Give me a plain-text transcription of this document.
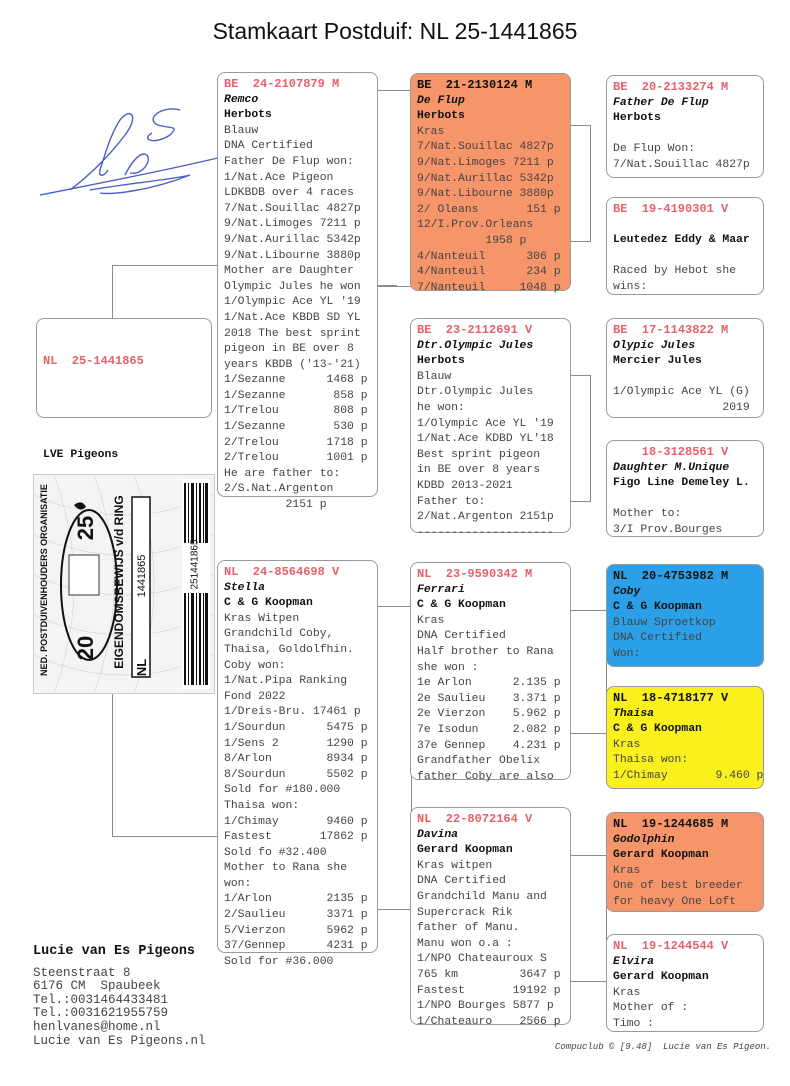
Stamkaart Postduif: NL 25-1441865

NL  25-1441865

LVE Pigeons

BE  24-2107879 M
Remco
Herbots
Blauw
DNA Certified
Father De Flup won:
1/Nat.Ace Pigeon
LDKBDB over 4 races
7/Nat.Souillac 4827p
9/Nat.Limoges 7211 p
9/Nat.Aurillac 5342p
9/Nat.Libourne 3880p
Mother are Daughter
Olympic Jules he won
1/Olympic Ace YL '19
1/Nat.Ace KBDB SD YL
2018 The best sprint
pigeon in BE over 8
years KBDB ('13-'21)
1/Sezanne      1468 p
1/Sezanne       858 p
1/Trelou        808 p
1/Sezanne       530 p
2/Trelou       1718 p
2/Trelou       1001 p
He are father to:
2/S.Nat.Argenton
2151 p
NL  24-8564698 V
Stella
C & G Koopman
Kras Witpen
Grandchild Coby,
Thaisa, Goldolfhin.
Coby won:
1/Nat.Pipa Ranking
Fond 2022
1/Dreis-Bru. 17461 p
1/Sourdun      5475 p
1/Sens 2       1290 p
8/Arlon        8934 p
8/Sourdun      5502 p
Sold for #180.000
Thaisa won:
1/Chimay       9460 p
Fastest       17862 p
Sold fo #32.400
Mother to Rana she
won:
1/Arlon        2135 p
2/Saulieu      3371 p
5/Vierzon      5962 p
37/Gennep      4231 p
Sold for #36.000
BE  21-2130124 M
De Flup
Herbots
Kras
7/Nat.Souillac 4827p
9/Nat.Limoges 7211 p
9/Nat.Aurillac 5342p
9/Nat.Libourne 3880p
2/ Oleans       151 p
12/I.Prov.Orleans
1958 p
4/Nanteuil      306 p
4/Nanteuil      234 p
7/Nanteuil     1048 p
BE  23-2112691 V
Dtr.Olympic Jules
Herbots
Blauw
Dtr.Olympic Jules
he won:
1/Olympic Ace YL '19
1/Nat.Ace KDBD YL'18
Best sprint pigeon
in BE over 8 years
KDBD 2013-2021
Father to:
2/Nat.Argenton 2151p
--------------------
NL  23-9590342 M
Ferrari
C & G Koopman
Kras
DNA Certified
Half brother to Rana
she won :
1e Arlon      2.135 p
2e Saulieu    3.371 p
2e Vierzon    5.962 p
7e Isodun     2.082 p
37e Gennep    4.231 p
Grandfather Obelix
father Coby are also
NL  22-8072164 V
Davina
Gerard Koopman
Kras witpen
DNA Certified
Grandchild Manu and
Supercrack Rik
father of Manu.
Manu won o.a :
1/NPO Chateauroux S
765 km         3647 p
Fastest       19192 p
1/NPO Bourges 5877 p
1/Chateauro    2566 p
BE  20-2133274 M
Father De Flup
Herbots

De Flup Won:
7/Nat.Souillac 4827p
BE  19-4190301 V

Leutedez Eddy & Maar

Raced by Hebot she
wins:
BE  17-1143822 M
Olypic Jules
Mercier Jules

1/Olympic Ace YL (G)
2019
18-3128561 V
Daughter M.Unique
Figo Line Demeley L.

Mother to:
3/I Prov.Bourges
NL  20-4753982 M
Coby
C & G Koopman
Blauw Sproetkop
DNA Certified
Won:
NL  18-4718177 V
Thaisa
C & G Koopman
Kras
Thaisa won:
1/Chimay       9.460 p
NL  19-1244685 M
Godolphin
Gerard Koopman
Kras
One of best breeder
for heavy One Loft
NL  19-1244544 V
Elvira
Gerard Koopman
Kras
Mother of :
Timo :
NED. POSTDUIVENHOUDERS ORGANISATIE	EIGENDOMSBEWIJS v/d RING
20
25
NL
1441865	251441865
Lucie van Es Pigeons
Steenstraat 8
6176 CM  Spaubeek
Tel.:0031464433481
Tel.:0031621955759
henlvanes@home.nl
Lucie van Es Pigeons.nl	Compuclub © [9.48]  Lucie van Es Pigeon.
